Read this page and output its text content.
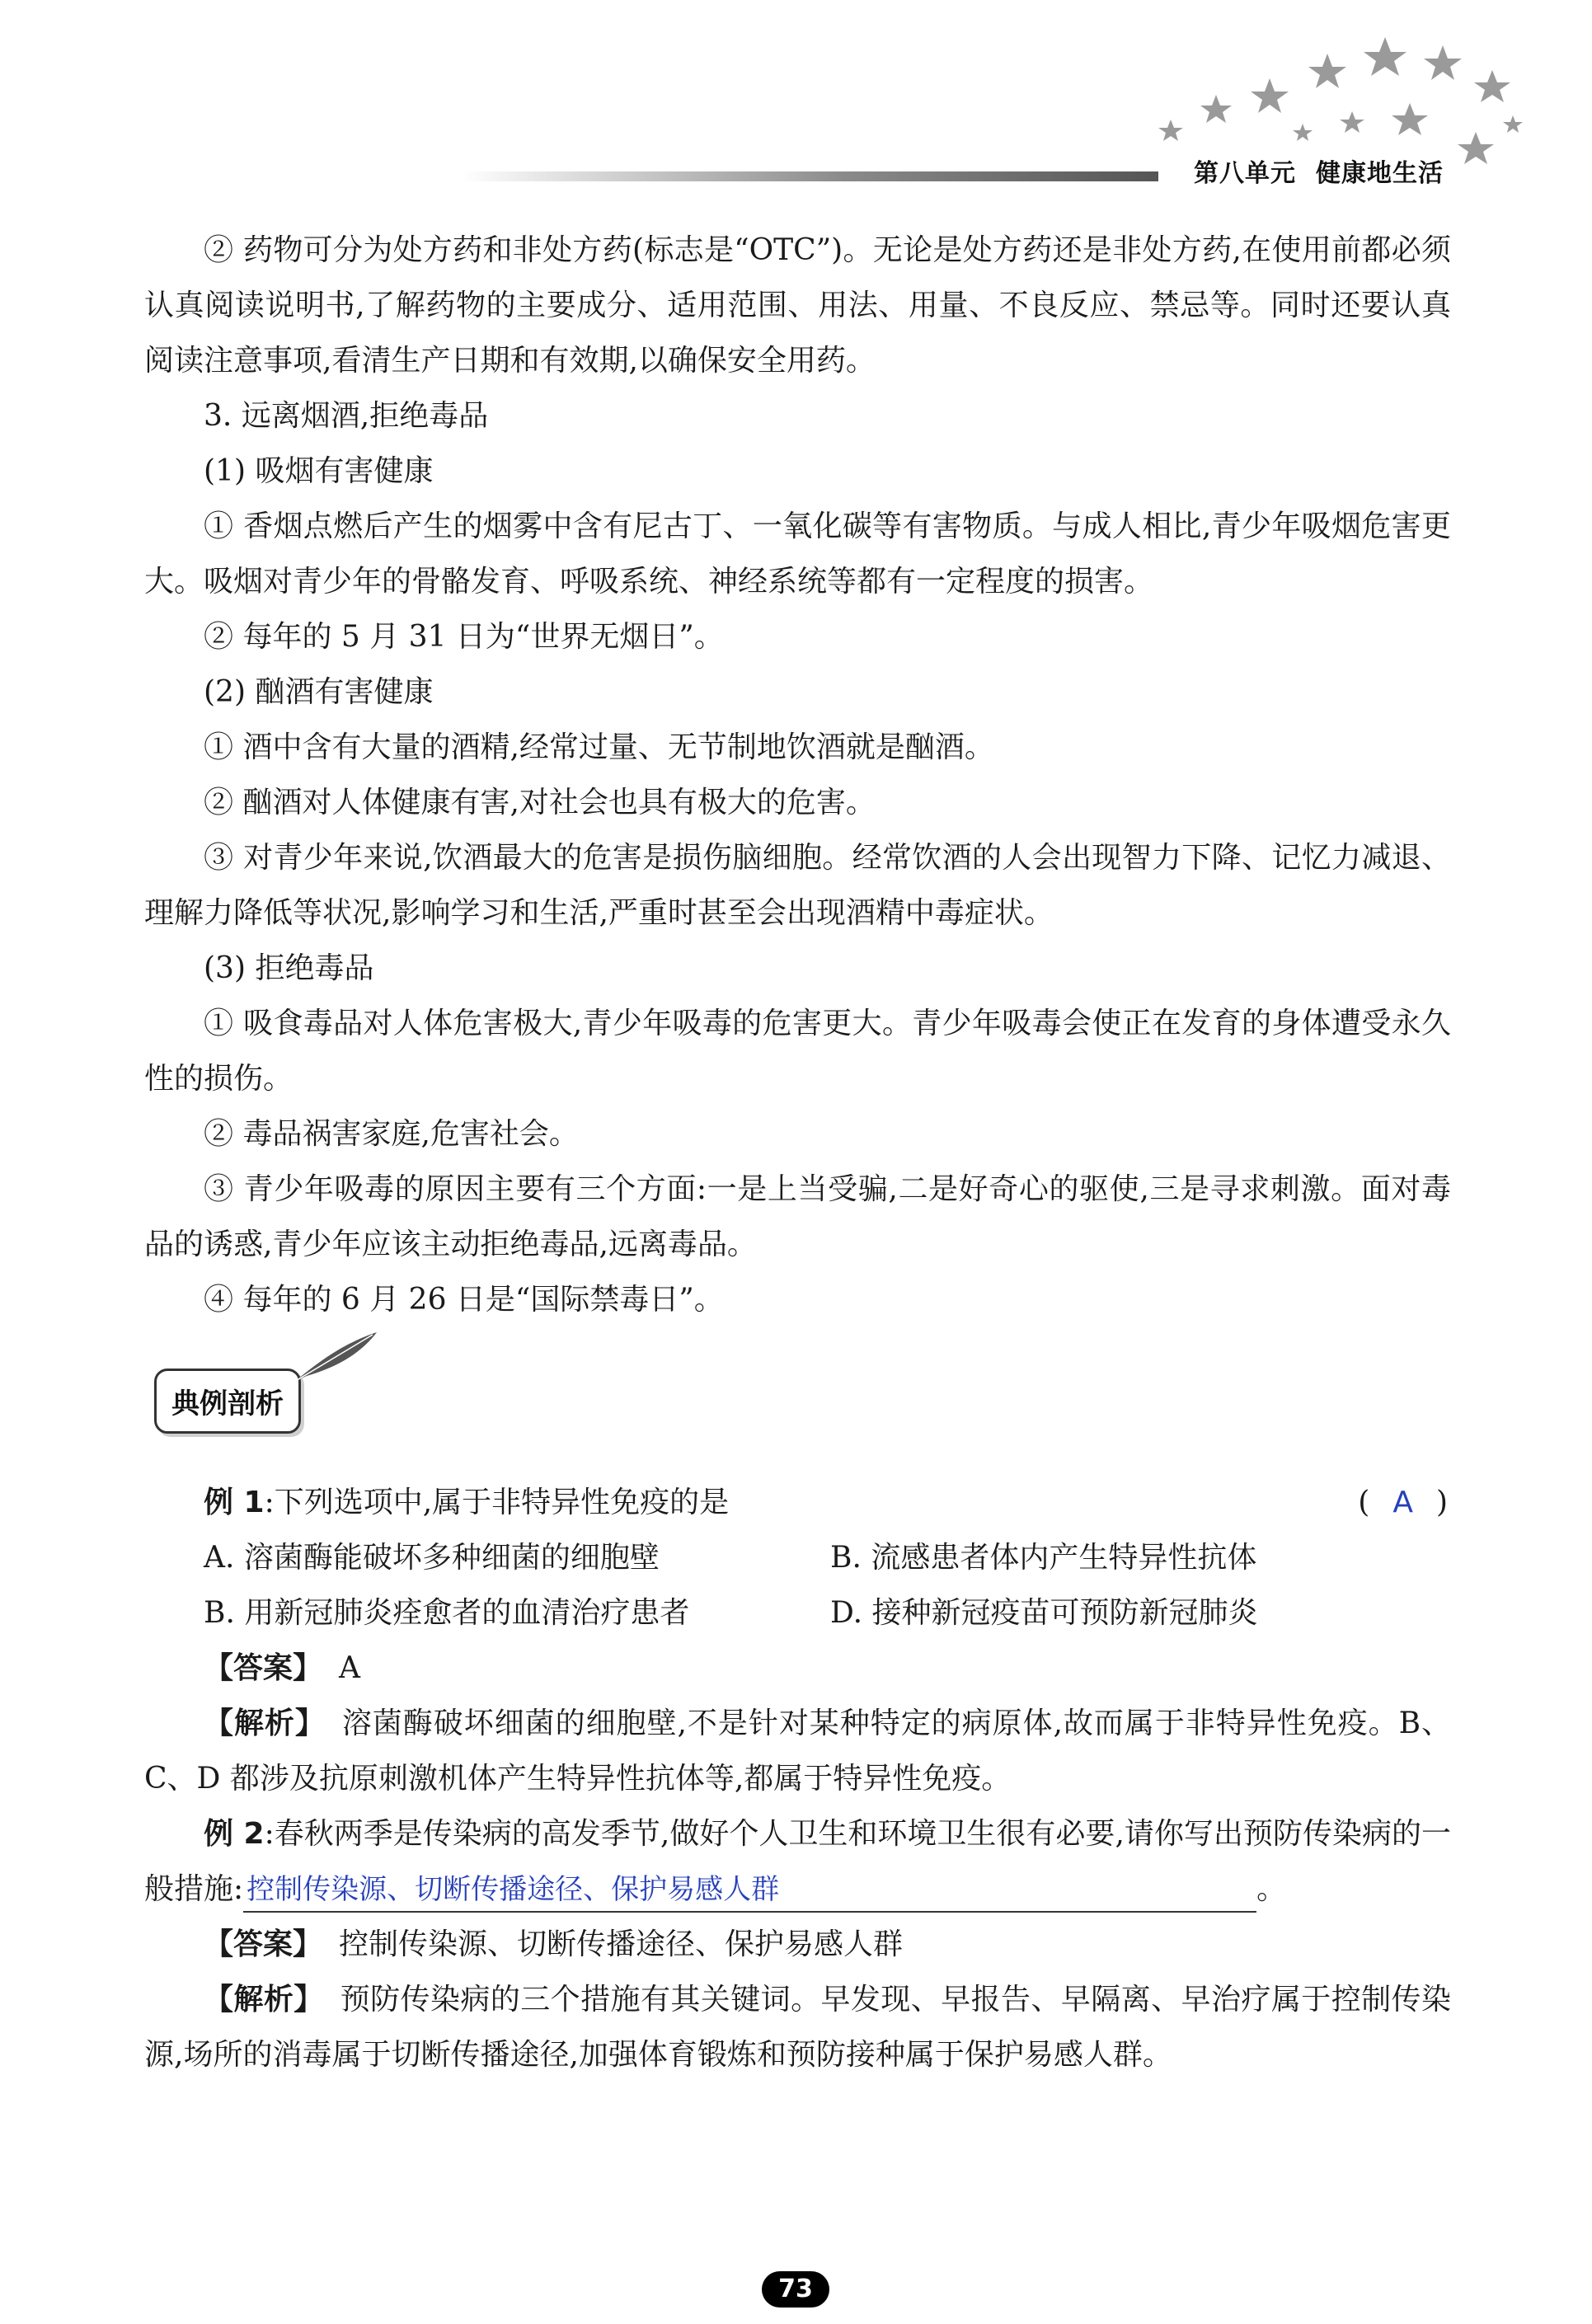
第八单元 健康地生活

② 药物可分为处方药和非处方药(标志是“OTC”)。无论是处方药还是非处方药,在使用前都必须认真阅读说明书,了解药物的主要成分、适用范围、用法、用量、不良反应、禁忌等。同时还要认真阅读注意事项,看清生产日期和有效期,以确保安全用药。

3. 远离烟酒,拒绝毒品

(1) 吸烟有害健康

① 香烟点燃后产生的烟雾中含有尼古丁、一氧化碳等有害物质。与成人相比,青少年吸烟危害更大。吸烟对青少年的骨骼发育、呼吸系统、神经系统等都有一定程度的损害。

② 每年的 5 月 31 日为“世界无烟日”。

(2) 酗酒有害健康

① 酒中含有大量的酒精,经常过量、无节制地饮酒就是酗酒。

② 酗酒对人体健康有害,对社会也具有极大的危害。

③ 对青少年来说,饮酒最大的危害是损伤脑细胞。经常饮酒的人会出现智力下降、记忆力减退、理解力降低等状况,影响学习和生活,严重时甚至会出现酒精中毒症状。

(3) 拒绝毒品

① 吸食毒品对人体危害极大,青少年吸毒的危害更大。青少年吸毒会使正在发育的身体遭受永久性的损伤。

② 毒品祸害家庭,危害社会。

③ 青少年吸毒的原因主要有三个方面:一是上当受骗,二是好奇心的驱使,三是寻求刺激。面对毒品的诱惑,青少年应该主动拒绝毒品,远离毒品。

④ 每年的 6 月 26 日是“国际禁毒日”。

典例剖析

例 1:下列选项中,属于非特异性免疫的是	( A )

A. 溶菌酶能破坏多种细菌的细胞壁	B. 流感患者体内产生特异性抗体

B. 用新冠肺炎痊愈者的血清治疗患者	D. 接种新冠疫苗可预防新冠肺炎

【答案】 A

【解析】 溶菌酶破坏细菌的细胞壁,不是针对某种特定的病原体,故而属于非特异性免疫。B、C、D 都涉及抗原刺激机体产生特异性抗体等,都属于特异性免疫。

例 2:春秋两季是传染病的高发季节,做好个人卫生和环境卫生很有必要,请你写出预防传染病的一般措施: 控制传染源、切断传播途径、保护易感人群	。

【答案】 控制传染源、切断传播途径、保护易感人群

【解析】 预防传染病的三个措施有其关键词。早发现、早报告、早隔离、早治疗属于控制传染源,场所的消毒属于切断传播途径,加强体育锻炼和预防接种属于保护易感人群。

73
